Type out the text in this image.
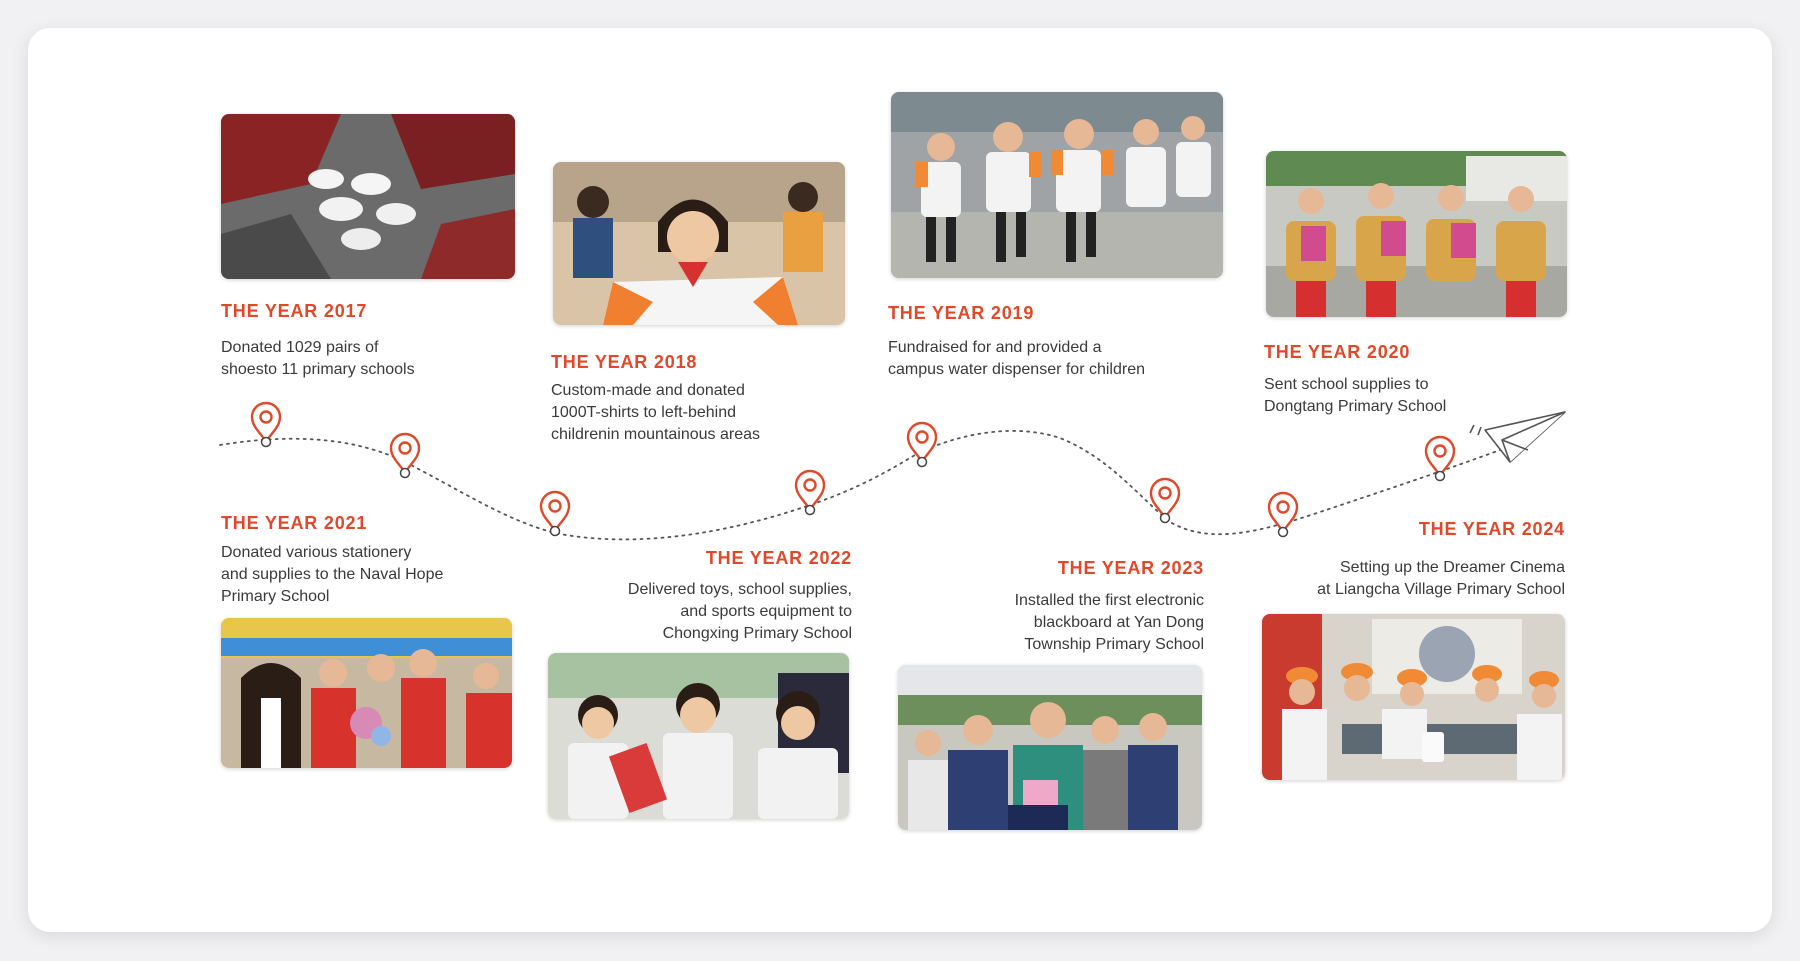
THE YEAR 2017
Donated 1029 pairs of
shoesto 11 primary schools	THE YEAR 2018
Custom-made and donated
1000T-shirts to left-behind
childrenin mountainous areas
THE YEAR 2019
Fundraised for and provided a
campus water dispenser for children
THE YEAR 2020
Sent school supplies to
Dongtang Primary School
THE YEAR 2021
Donated various stationery
and supplies to the Naval Hope
Primary School
THE YEAR 2022
Delivered toys, school supplies,
and sports equipment to
Chongxing Primary School
THE YEAR 2023
Installed the first electronic
blackboard at Yan Dong
Township Primary School
THE YEAR 2024
Setting up the Dreamer Cinema
at Liangcha Village Primary School
